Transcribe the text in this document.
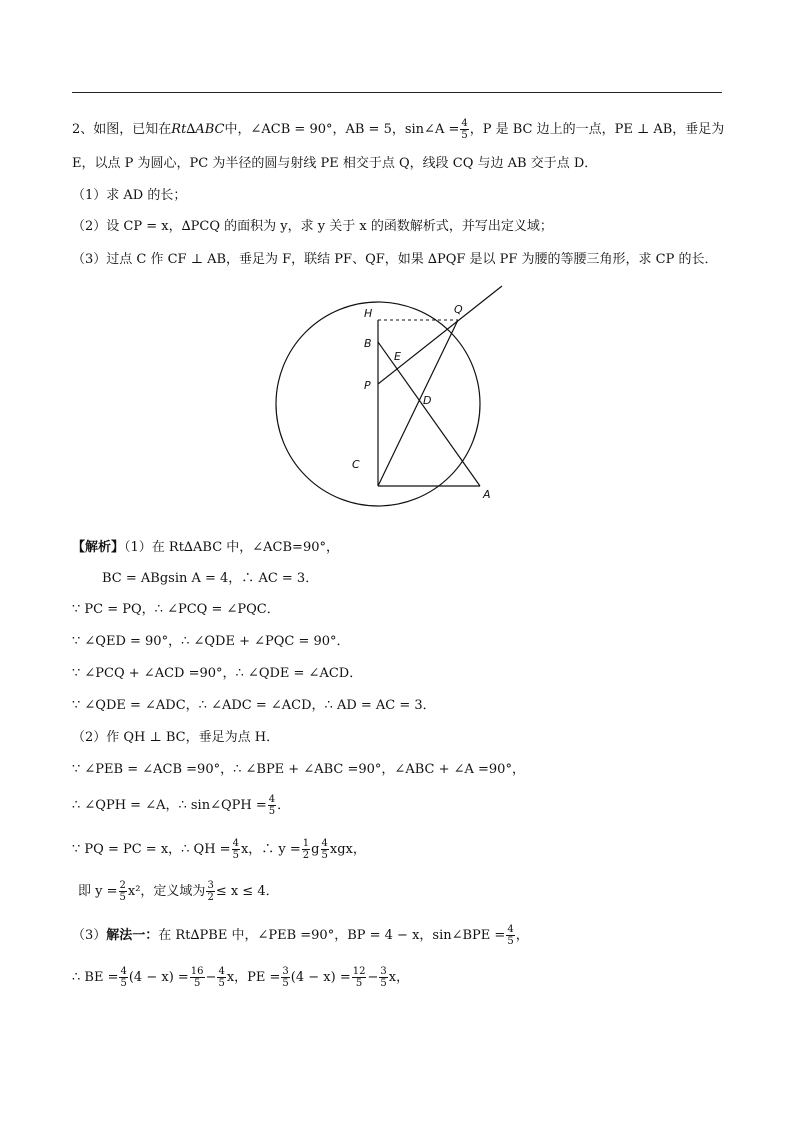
2、如图，已知在Rt∆ABC中，∠ACB = 90°，AB = 5，sin∠A = $\frac{4}{5}$ ，P 是 BC 边上的一点，PE ⊥ AB，垂足为
E，以点 P 为圆心，PC 为半径的圆与射线 PE 相交于点 Q，线段 CQ 与边 AB 交于点 D．
（1）求 AD 的长；
（2）设 CP = x，∆PCQ 的面积为 y，求 y 关于 x 的函数解析式，并写出定义域；
（3）过点 C 作 CF ⊥ AB，垂足为 F，联结 PF、QF，如果 ∆PQF 是以 PF 为腰的等腰三角形，求 CP 的长．
H	Q
B
E
P
D
C
A
【解析】（1）在 Rt∆ABC 中，∠ACB=90°，
BC = ABgsin A = 4，∴ AC = 3．
∵ PC = PQ，∴ ∠PCQ = ∠PQC．
∵ ∠QED = 90°，∴ ∠QDE + ∠PQC = 90°．
∵ ∠PCQ + ∠ACD =90°，∴ ∠QDE = ∠ACD．
∵ ∠QDE = ∠ADC，∴ ∠ADC = ∠ACD，∴ AD = AC = 3．
（2）作 QH ⊥ BC，垂足为点 H．
∵ ∠PEB = ∠ACB =90°，∴ ∠BPE + ∠ABC =90°，∠ABC + ∠A =90°，
∴ ∠QPH = ∠A，∴ sin∠QPH = $\frac{4}{5}$ ．
∵ PQ = PC = x，∴ QH = $\frac{4}{5}$ x，∴ $y = \frac{1}{2}$ g $\frac{4}{5}$ xgx，
即 $y = \frac{2}{5} x^2$，定义域为 $\frac{3}{2} \le x \le 4$．
（3）解法一：在 Rt∆PBE 中，∠PEB =90°，BP = 4 − x，sin∠BPE = $\frac{4}{5}$ ，
∴ BE = $\frac{4}{5} (4 - x) = \frac{16}{5} - \frac{4}{5}$ x，PE = $\frac{3}{5} (4 - x) = \frac{12}{5} - \frac{3}{5}$ x，
